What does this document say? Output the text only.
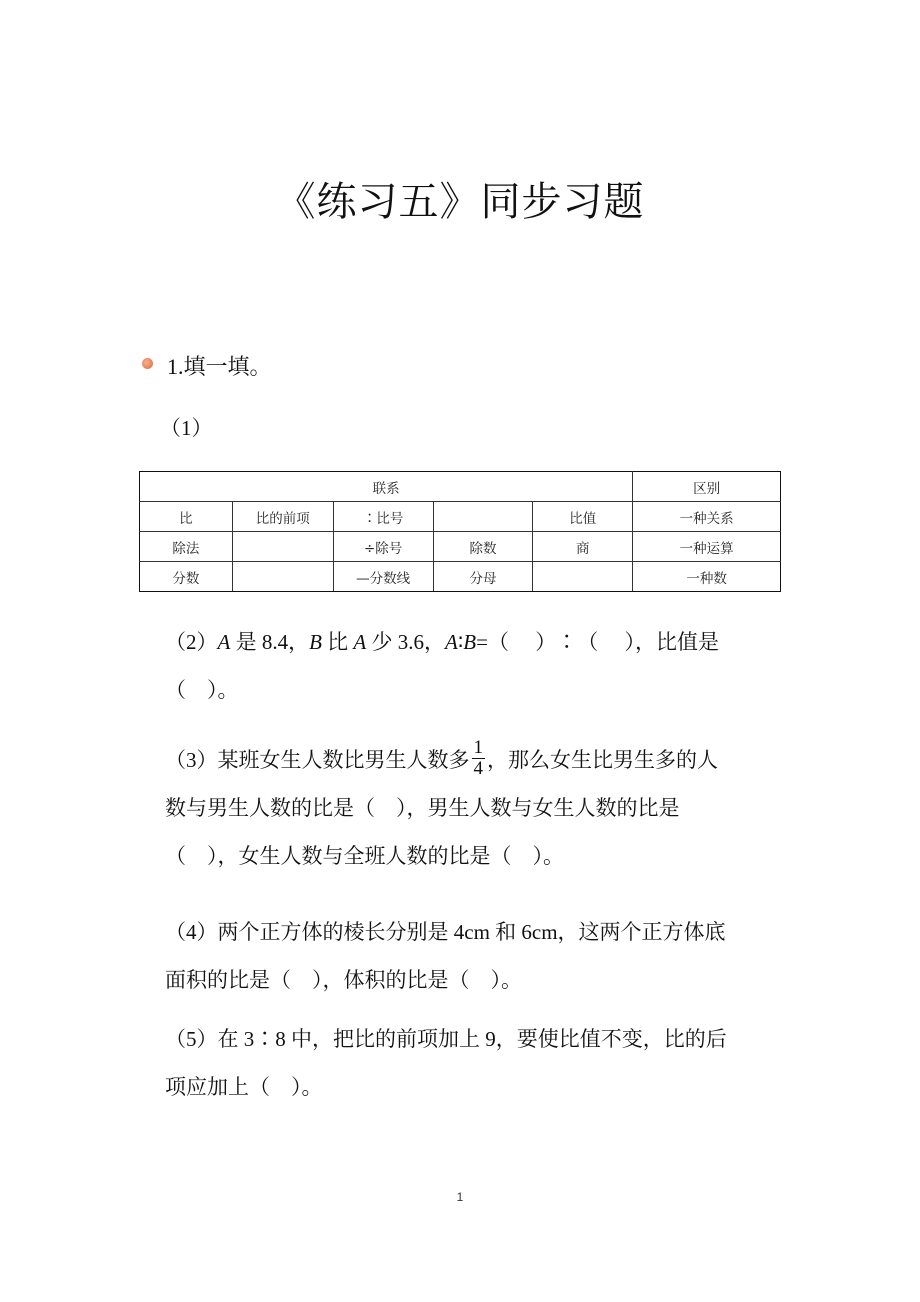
《练习五》同步习题
1.填一填。
（1）
联系					区别
比	比的前项	∶比号		比值	一种关系
除法		÷除号	除数	商	一种运算
分数		—分数线	分母		一种数
（2）A 是 8.4，B 比 A 少 3.6，A∶B=（　 ）∶（　 ），比值是
（　）。
（3）某班女生人数比男生人数多 $\frac{1}{4}$ ，那么女生比男生多的人
数与男生人数的比是（　），男生人数与女生人数的比是
（　），女生人数与全班人数的比是（　）。
（4）两个正方体的棱长分别是 4cm 和 6cm，这两个正方体底
面积的比是（　），体积的比是（　）。
（5）在 3∶8 中，把比的前项加上 9，要使比值不变，比的后
项应加上（　）。
1
